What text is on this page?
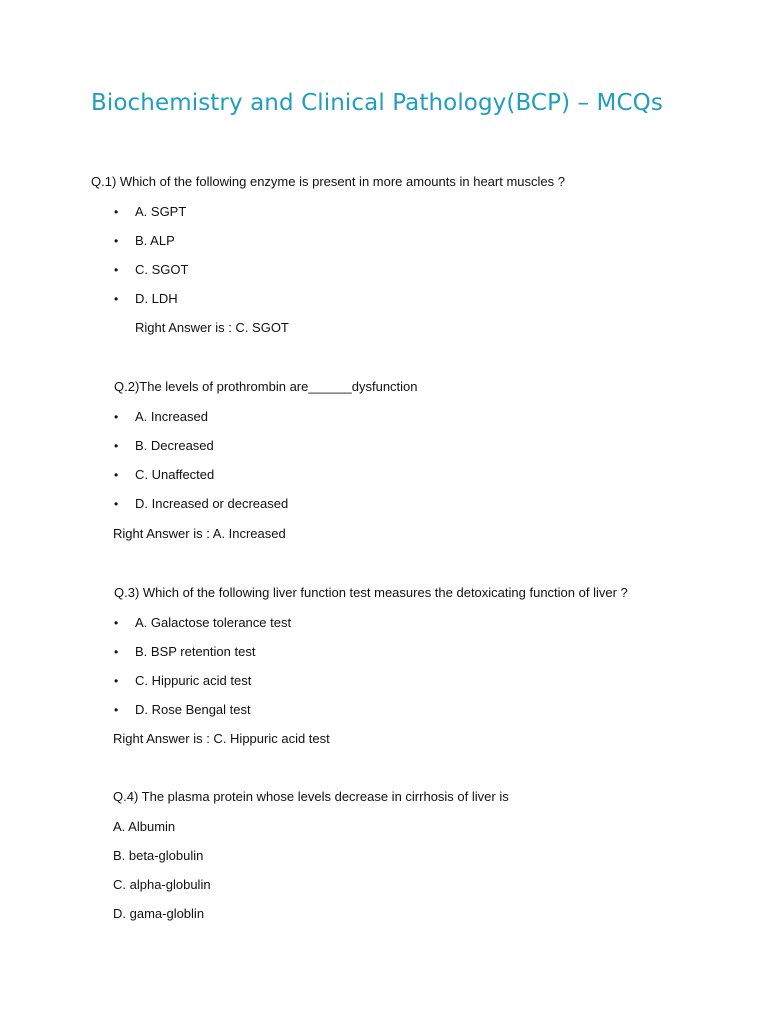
Biochemistry and Clinical Pathology(BCP) – MCQs
Q.1) Which of the following enzyme is present in more amounts in heart muscles ?
• A. SGPT
• B. ALP
• C. SGOT
• D. LDH
Right Answer is : C. SGOT
Q.2)The levels of prothrombin are______dysfunction
• A. Increased
• B. Decreased
• C. Unaffected
• D. Increased or decreased
Right Answer is : A. Increased
Q.3) Which of the following liver function test measures the detoxicating function of liver ?
• A. Galactose tolerance test
• B. BSP retention test
• C. Hippuric acid test
• D. Rose Bengal test
Right Answer is : C. Hippuric acid test
Q.4) The plasma protein whose levels decrease in cirrhosis of liver is
A. Albumin
B. beta-globulin
C. alpha-globulin
D. gama-globlin
